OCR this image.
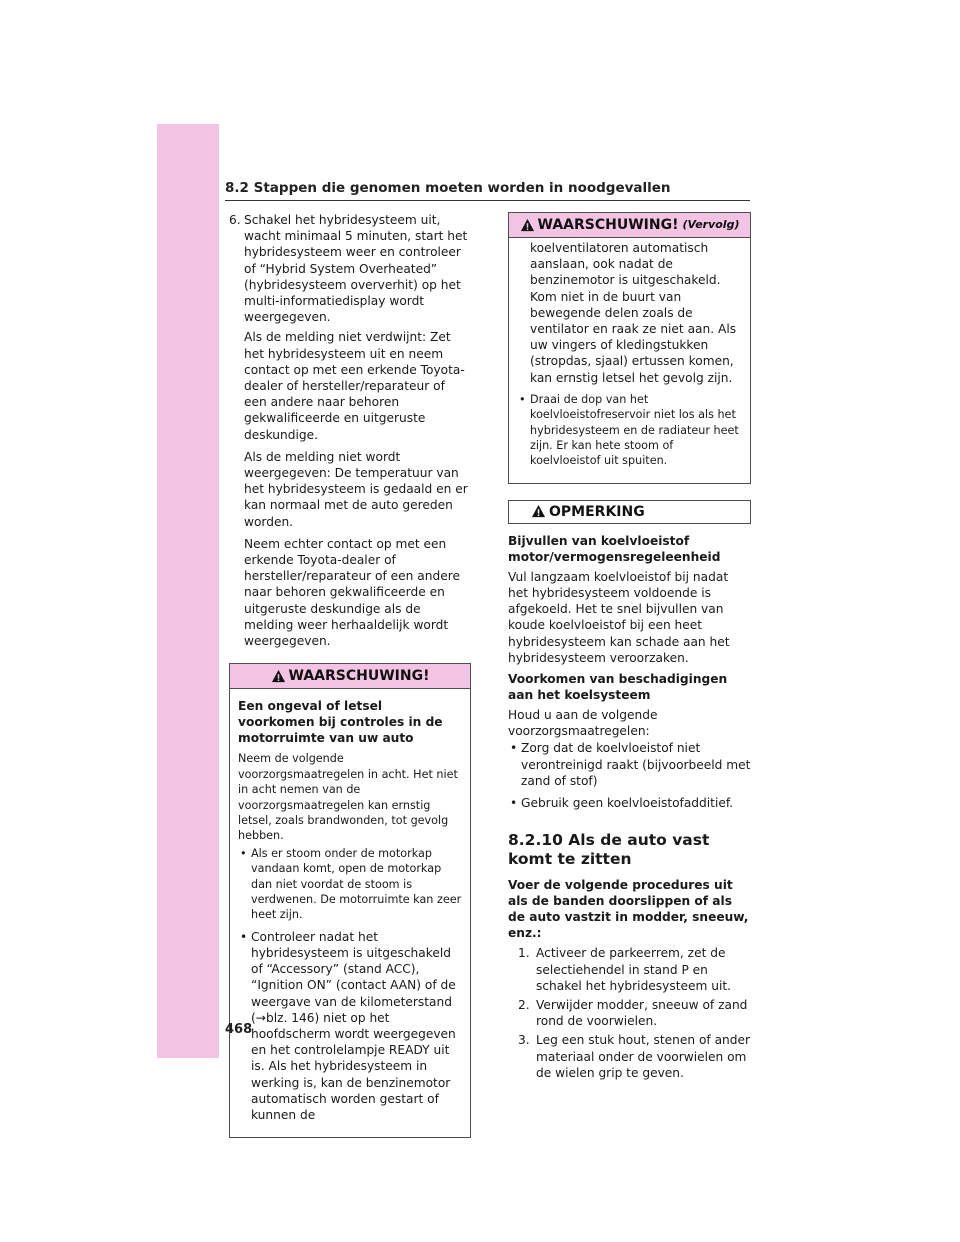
8.2 Stappen die genomen moeten worden in noodgevallen
6. Schakel het hybridesysteem uit, wacht minimaal 5 minuten, start het hybridesysteem weer en controleer of “Hybrid System Overheated” (hybridesysteem oververhit) op het multi-informatiedisplay wordt weergegeven.
Als de melding niet verdwijnt: Zet het hybridesysteem uit en neem contact op met een erkende Toyota-dealer of hersteller/reparateur of een andere naar behoren gekwalificeerde en uitgeruste deskundige.
Als de melding niet wordt weergegeven: De temperatuur van het hybridesysteem is gedaald en er kan normaal met de auto gereden worden.
Neem echter contact op met een erkende Toyota-dealer of hersteller/reparateur of een andere naar behoren gekwalificeerde en uitgeruste deskundige als de melding weer herhaaldelijk wordt weergegeven.
WAARSCHUWING!
Een ongeval of letsel voorkomen bij controles in de motorruimte van uw auto
Neem de volgende voorzorgsmaatregelen in acht. Het niet in acht nemen van de voorzorgsmaatregelen kan ernstig letsel, zoals brandwonden, tot gevolg hebben.
• Als er stoom onder de motorkap vandaan komt, open de motorkap dan niet voordat de stoom is verdwenen. De motorruimte kan zeer heet zijn.
• Controleer nadat het hybridesysteem is uitgeschakeld of “Accessory” (stand ACC), “Ignition ON” (contact AAN) of de weergave van de kilometerstand (→blz. 146) niet op het hoofdscherm wordt weergegeven en het controlelampje READY uit is. Als het hybridesysteem in werking is, kan de benzinemotor automatisch worden gestart of kunnen de
WAARSCHUWING! (Vervolg)
koelventilatoren automatisch aanslaan, ook nadat de benzinemotor is uitgeschakeld. Kom niet in de buurt van bewegende delen zoals de ventilator en raak ze niet aan. Als uw vingers of kledingstukken (stropdas, sjaal) ertussen komen, kan ernstig letsel het gevolg zijn.
• Draai de dop van het koelvloeistofreservoir niet los als het hybridesysteem en de radiateur heet zijn. Er kan hete stoom of koelvloeistof uit spuiten.
OPMERKING
Bijvullen van koelvloeistof motor/vermogensregeleenheid
Vul langzaam koelvloeistof bij nadat het hybridesysteem voldoende is afgekoeld. Het te snel bijvullen van koude koelvloeistof bij een heet hybridesysteem kan schade aan het hybridesysteem veroorzaken.
Voorkomen van beschadigingen aan het koelsysteem
Houd u aan de volgende voorzorgsmaatregelen:
• Zorg dat de koelvloeistof niet verontreinigd raakt (bijvoorbeeld met zand of stof)
• Gebruik geen koelvloeistofadditief.
8.2.10 Als de auto vast komt te zitten
Voer de volgende procedures uit als de banden doorslippen of als de auto vastzit in modder, sneeuw, enz.:
1. Activeer de parkeerrem, zet de selectiehendel in stand P en schakel het hybridesysteem uit.
2. Verwijder modder, sneeuw of zand rond de voorwielen.
3. Leg een stuk hout, stenen of ander materiaal onder de voorwielen om de wielen grip te geven.
468
